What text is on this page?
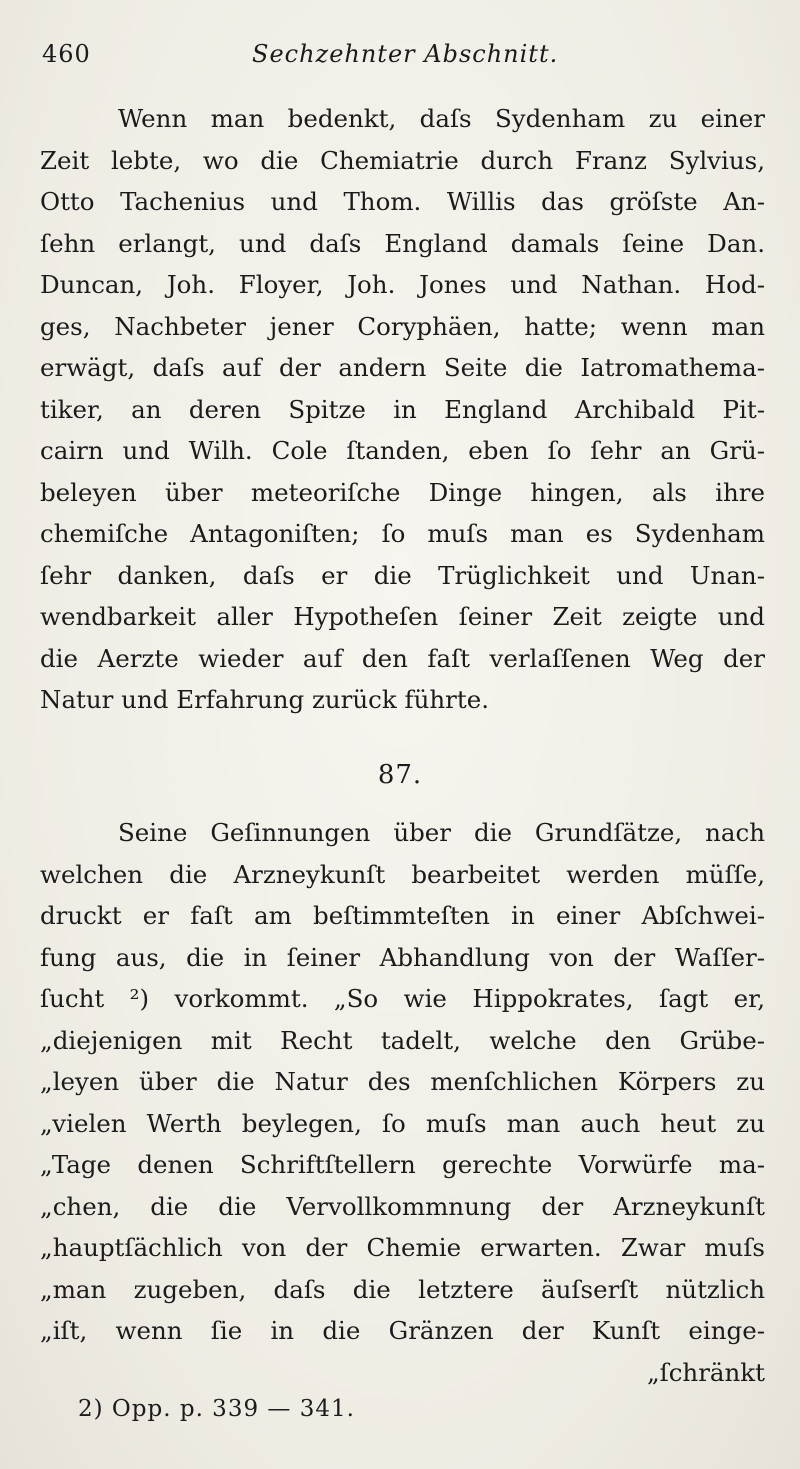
460	Sechzehnter Abschnitt.
Wenn man bedenkt, daſs Sydenham zu einer
Zeit lebte, wo die Chemiatrie durch Franz Sylvius,
Otto Tachenius und Thom. Willis das gröſste An-
ſehn erlangt, und daſs England damals ſeine Dan.
Duncan, Joh. Floyer, Joh. Jones und Nathan. Hod-
ges, Nachbeter jener Coryphäen, hatte; wenn man
erwägt, daſs auf der andern Seite die Iatromathema-
tiker, an deren Spitze in England Archibald Pit-
cairn und Wilh. Cole ſtanden, eben ſo ſehr an Grü-
beleyen über meteoriſche Dinge hingen, als ihre
chemiſche Antagoniſten; ſo muſs man es Sydenham
ſehr danken, daſs er die Trüglichkeit und Unan-
wendbarkeit aller Hypotheſen ſeiner Zeit zeigte und
die Aerzte wieder auf den faſt verlaſſenen Weg der
Natur und Erfahrung zurück führte.
87.
Seine Geſinnungen über die Grundſätze, nach
welchen die Arzneykunſt bearbeitet werden müſſe,
druckt er faſt am beſtimmteſten in einer Abſchwei-
fung aus, die in ſeiner Abhandlung von der Waſſer-
ſucht ²) vorkommt. „So wie Hippokrates, ſagt er,
„diejenigen mit Recht tadelt, welche den Grübe-
„leyen über die Natur des menſchlichen Körpers zu
„vielen Werth beylegen, ſo muſs man auch heut zu
„Tage denen Schriftſtellern gerechte Vorwürfe ma-
„chen, die die Vervollkommnung der Arzneykunſt
„hauptſächlich von der Chemie erwarten. Zwar muſs
„man zugeben, daſs die letztere äuſserſt nützlich
„iſt, wenn ſie in die Gränzen der Kunſt einge-
„ſchränkt
2) Opp. p. 339 — 341.
